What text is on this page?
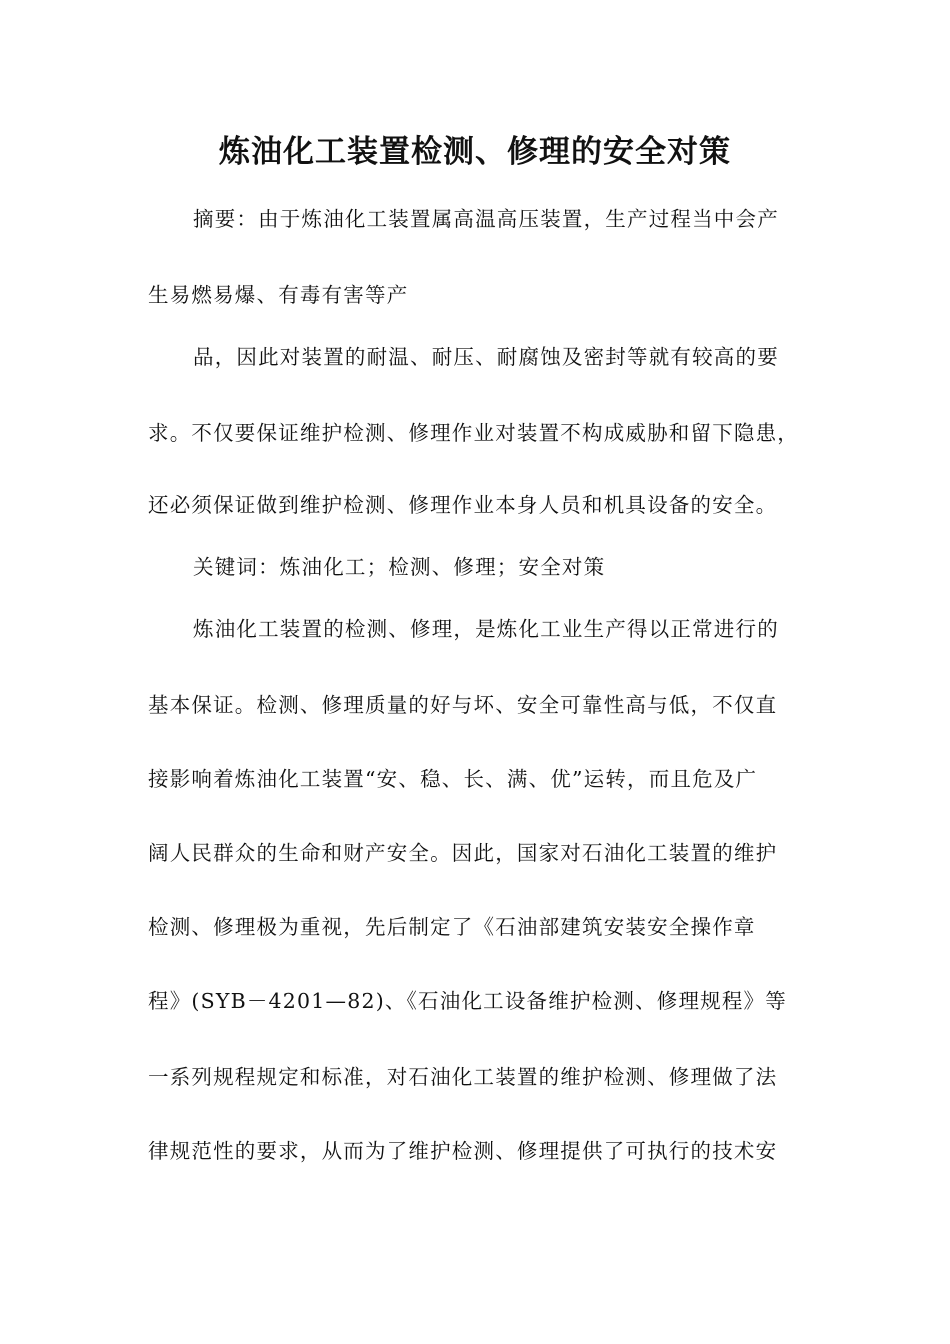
炼油化工装置检测、修理的安全对策
摘要：由于炼油化工装置属高温高压装置，生产过程当中会产
生易燃易爆、有毒有害等产
品，因此对装置的耐温、耐压、耐腐蚀及密封等就有较高的要
求。不仅要保证维护检测、修理作业对装置不构成威胁和留下隐患，
还必须保证做到维护检测、修理作业本身人员和机具设备的安全。
关键词：炼油化工；检测、修理；安全对策
炼油化工装置的检测、修理，是炼化工业生产得以正常进行的
基本保证。检测、修理质量的好与坏、安全可靠性高与低，不仅直
接影响着炼油化工装置“安、稳、长、满、优”运转，而且危及广
阔人民群众的生命和财产安全。因此，国家对石油化工装置的维护
检测、修理极为重视，先后制定了《石油部建筑安装安全操作章
程》(SYB－4201—82)、《石油化工设备维护检测、修理规程》等
一系列规程规定和标准，对石油化工装置的维护检测、修理做了法
律规范性的要求，从而为了维护检测、修理提供了可执行的技术安
